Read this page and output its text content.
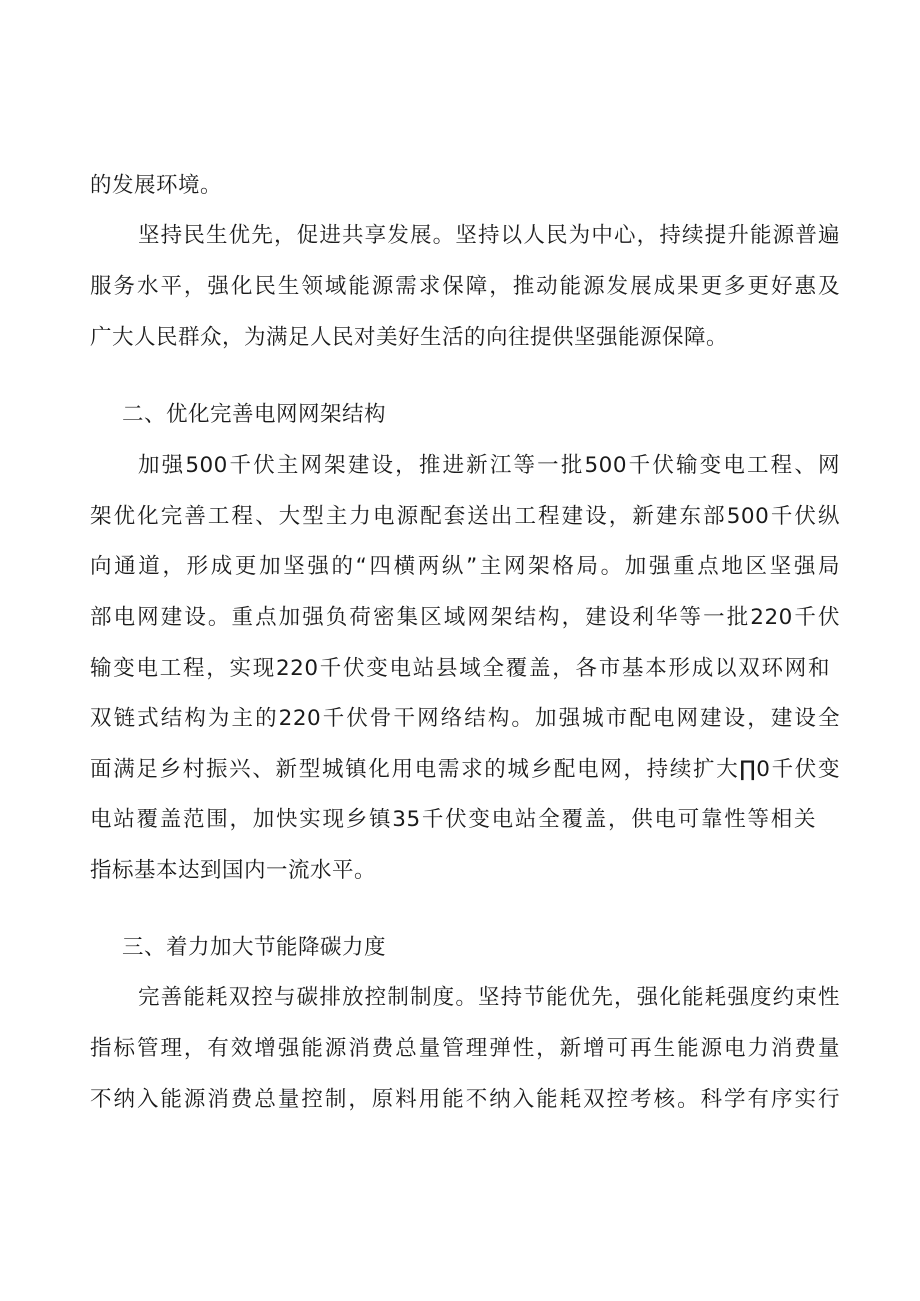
的发展环境。
坚持民生优先，促进共享发展。坚持以人民为中心，持续提升能源普遍
服务水平，强化民生领域能源需求保障，推动能源发展成果更多更好惠及
广大人民群众，为满足人民对美好生活的向往提供坚强能源保障。
二、优化完善电网网架结构
加强500千伏主网架建设，推进新江等一批500千伏输变电工程、网
架优化完善工程、大型主力电源配套送出工程建设，新建东部500千伏纵
向通道，形成更加坚强的“四横两纵”主网架格局。加强重点地区坚强局
部电网建设。重点加强负荷密集区域网架结构，建设利华等一批220千伏
输变电工程，实现220千伏变电站县域全覆盖，各市基本形成以双环网和
双链式结构为主的220千伏骨干网络结构。加强城市配电网建设，建设全
面满足乡村振兴、新型城镇化用电需求的城乡配电网，持续扩大∏0千伏变
电站覆盖范围，加快实现乡镇35千伏变电站全覆盖，供电可靠性等相关
指标基本达到国内一流水平。
三、着力加大节能降碳力度
完善能耗双控与碳排放控制制度。坚持节能优先，强化能耗强度约束性
指标管理，有效增强能源消费总量管理弹性，新增可再生能源电力消费量
不纳入能源消费总量控制，原料用能不纳入能耗双控考核。科学有序实行
